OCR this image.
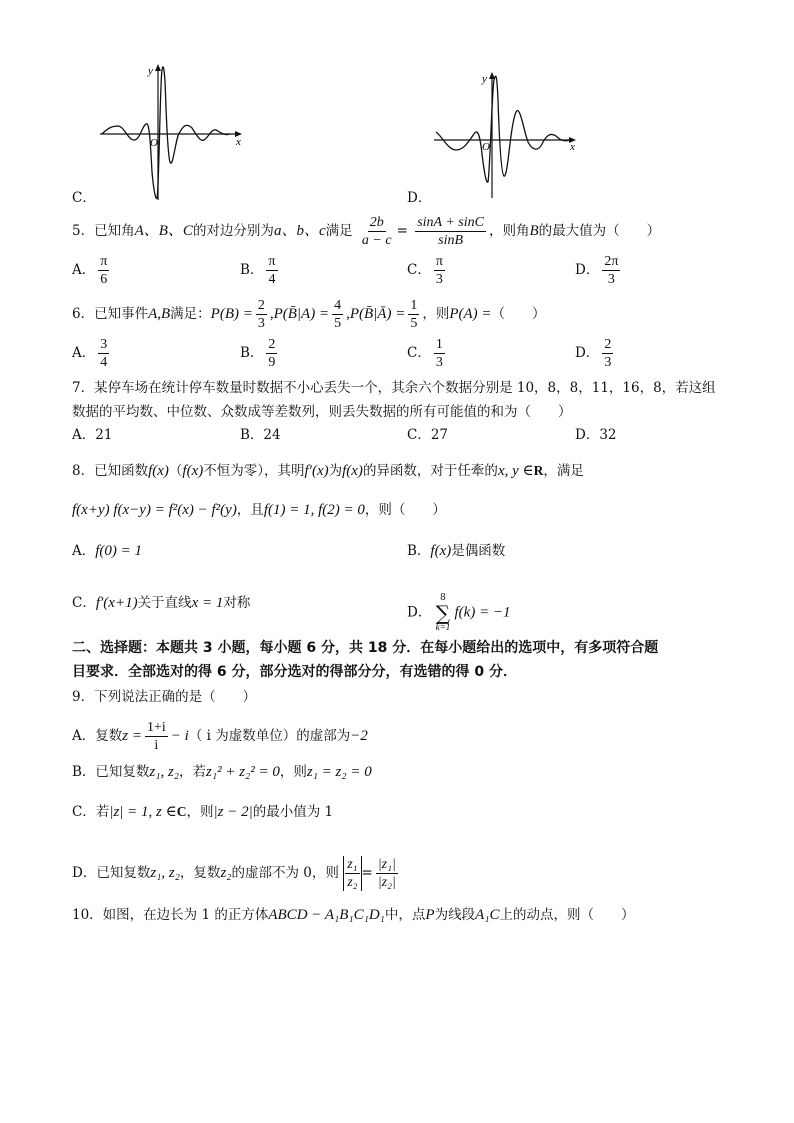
x
y
O	x
y
O
C．	D．
5．已知角A、B、C的对边分别为a、b、c满足 $\frac{2b}{a - c} = \frac{\sin A + \sin C}{\sin B}$ ，则角B的最大值为（　　）
A． $\frac{\pi}{6}$	B． $\frac{\pi}{4}$	C． $\frac{\pi}{3}$	D． $\frac{2\pi}{3}$
6．已知事件A,B满足：$P(B) = \frac{2}{3}$ ,P(B̄|A) = $\frac{4}{5}$ ,P(B̄|Ā) = $\frac{1}{5}$ ，则P(A) =（　　）
A． $\frac{3}{4}$	B． $\frac{2}{9}$	C． $\frac{1}{3}$	D． $\frac{2}{3}$
7．某停车场在统计停车数量时数据不小心丢失一个，其余六个数据分别是 10，8，8，11，16，8，若这组
数据的平均数、中位数、众数成等差数列，则丢失数据的所有可能值的和为（　　）
A．21	B．24	C．27	D．32
8．已知函数f(x)（f(x)不恒为零），其明f′(x)为f(x)的异函数，对于任牽的x, y ∈R，满足
f(x+y) f(x−y) = f²(x) − f²(y)，且f(1) = 1, f(2) = 0，则（　　）
A．f(0) = 1	B．f(x)是偶函数
C．f′(x+1)关于直线x = 1对称
D．
8
∑
k=1
f(k) = −1
二、选择题：本题共 3 小题，每小题 6 分，共 18 分．在每小题给出的选项中，有多项符合题
目要求．全部选对的得 6 分，部分选对的得部分分，有选错的得 0 分．
9．下列说法正确的是（　　）
A．复数$z = \frac{1+i}{i} - i$（ i 为虚数单位）的虚部为−2
B．已知复数z₁, z₂，若z₁² + z₂² = 0，则z₁ = z₂ = 0
C．若|z| = 1, z ∈C，则|z − 2|的最小值为 1
D．已知复数z₁, z₂，复数z₂的虚部不为 0，则 $\frac{\text{z₁}}{\text{z₂}} = \frac{\text{|z₁|}}{\text{|z₂|}}$
10．如图，在边长为 1 的正方体ABCD − A₁B₁C₁D₁中，点P为线段A₁C上的动点，则（　　）
